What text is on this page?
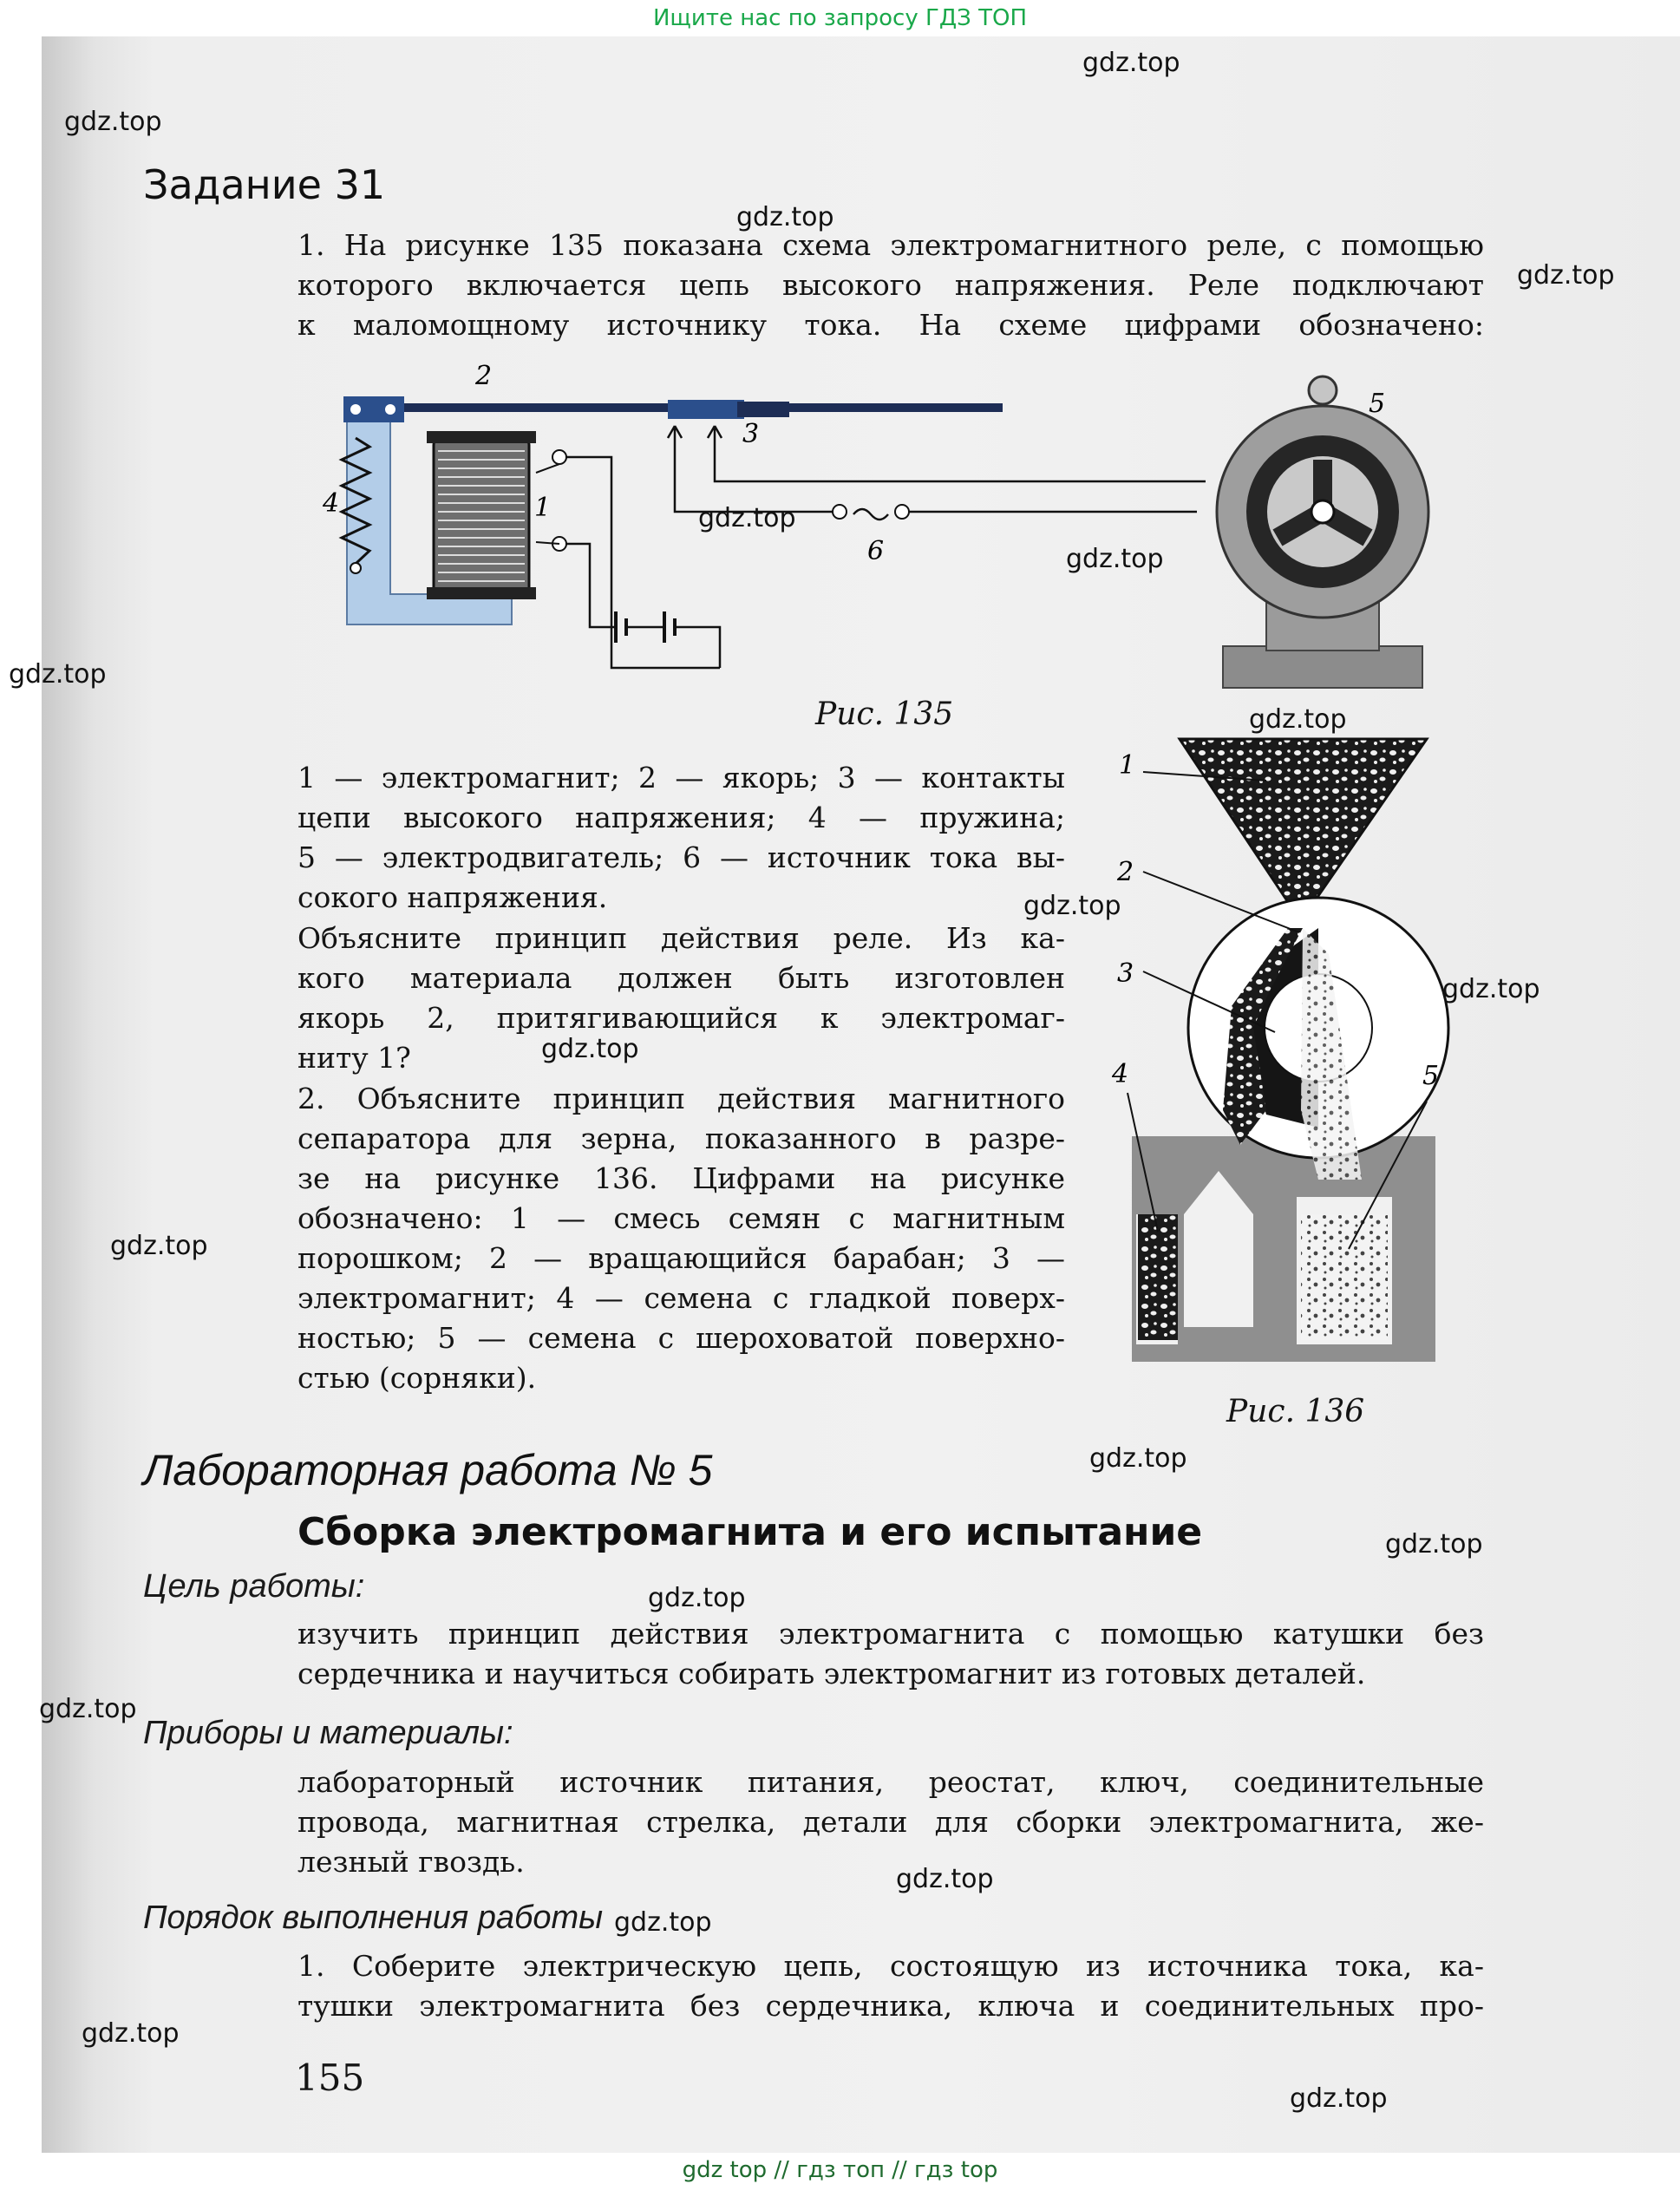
Ищите нас по запросу ГДЗ ТОП
Задание 31
1. На рисунке 135 показана схема электромагнитного реле, с помощью
которого включается цепь высокого напряжения. Реле подключают
к маломощному источнику тока. На схеме цифрами обозначено:
2
1
3
4
5
6
Рис. 135
1 — электромагнит; 2 — якорь; 3 — контакты
цепи высокого напряжения; 4 — пружина;
5 — электродвигатель; 6 — источник тока вы-
сокого напряжения.
Объясните принцип действия реле. Из ка-
кого материала должен быть изготовлен
якорь 2, притягивающийся к электромаг-
ниту 1?
2. Объясните принцип действия магнитного
сепаратора для зерна, показанного в разре-
зе на рисунке 136. Цифрами на рисунке
обозначено: 1 — смесь семян с магнитным
порошком; 2 — вращающийся барабан; 3 —
электромагнит; 4 — семена с гладкой поверх-
ностью; 5 — семена с шероховатой поверхно-
стью (сорняки).
1
2
3
4	5
Рис. 136
Лабораторная работа № 5
Сборка электромагнита и его испытание
Цель работы:
изучить принцип действия электромагнита с помощью катушки без
сердечника и научиться собирать электромагнит из готовых деталей.
Приборы и материалы:
лабораторный источник питания, реостат, ключ, соединительные
провода, магнитная стрелка, детали для сборки электромагнита, же-
лезный гвоздь.
Порядок выполнения работы
1. Соберите электрическую цепь, состоящую из источника тока, ка-
тушки электромагнита без сердечника, ключа и соединительных про-
155
gdz.top
gdz.top
gdz.top
gdz.top
gdz.top
gdz.top
gdz.top
gdz.top
gdz.top
gdz.top
gdz.top
gdz.top
gdz.top
gdz.top
gdz.top
gdz.top
gdz.top
gdz.top
gdz.top
gdz.top
gdz top // гдз топ // гдз top
